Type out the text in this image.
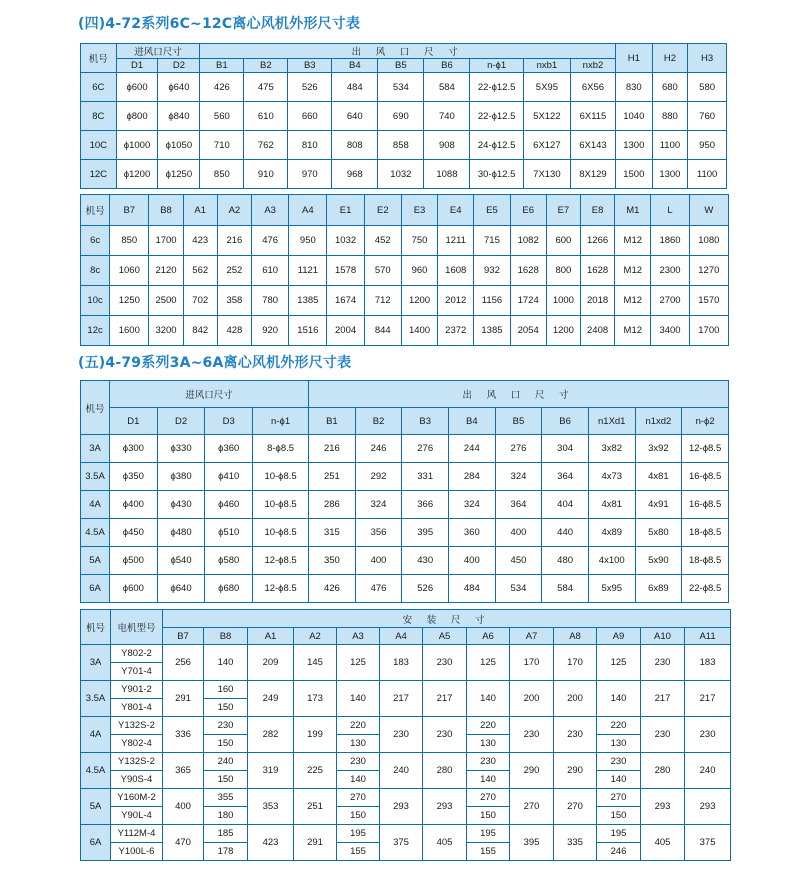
(四)4-72系列6C~12C离心风机外形尺寸表
机号	进风口尺寸		出 风 口 尺 寸									H1	H2	H3
	D1	D2	B1	B2	B3	B4	B5	B6	n-ϕ1	nxb1	nxb2			
6C	ϕ600	ϕ640	426	475	526	484	534	584	22-ϕ12.5	5X95	6X56	830	680	580
8C	ϕ800	ϕ840	560	610	660	640	690	740	22-ϕ12.5	5X122	6X115	1040	880	760
10C	ϕ1000	ϕ1050	710	762	810	808	858	908	24-ϕ12.5	6X127	6X143	1300	1100	950
12C	ϕ1200	ϕ1250	850	910	970	968	1032	1088	30-ϕ12.5	7X130	8X129	1500	1300	1100
机号	B7	B8	A1	A2	A3	A4	E1	E2	E3	E4	E5	E6	E7	E8	M1	L	W
6c	850	1700	423	216	476	950	1032	452	750	1211	715	1082	600	1266	M12	1860	1080
8c	1060	2120	562	252	610	1121	1578	570	960	1608	932	1628	800	1628	M12	2300	1270
10c	1250	2500	702	358	780	1385	1674	712	1200	2012	1156	1724	1000	2018	M12	2700	1570
12c	1600	3200	842	428	920	1516	2004	844	1400	2372	1385	2054	1200	2408	M12	3400	1700
(五)4-79系列3A~6A离心风机外形尺寸表
机号	进风口尺寸				出 风 口 尺 寸								
	D1	D2	D3	n-ϕ1	B1	B2	B3	B4	B5	B6	n1Xd1	n1xd2	n-ϕ2
3A	ϕ300	ϕ330	ϕ360	8-ϕ8.5	216	246	276	244	276	304	3x82	3x92	12-ϕ8.5
3.5A	ϕ350	ϕ380	ϕ410	10-ϕ8.5	251	292	331	284	324	364	4x73	4x81	16-ϕ8.5
4A	ϕ400	ϕ430	ϕ460	10-ϕ8.5	286	324	366	324	364	404	4x81	4x91	16-ϕ8.5
4.5A	ϕ450	ϕ480	ϕ510	10-ϕ8.5	315	356	395	360	400	440	4x89	5x80	18-ϕ8.5
5A	ϕ500	ϕ540	ϕ580	12-ϕ8.5	350	400	430	400	450	480	4x100	5x90	18-ϕ8.5
6A	ϕ600	ϕ640	ϕ680	12-ϕ8.5	426	476	526	484	534	584	5x95	6x89	22-ϕ8.5
机号	电机型号	安 装 尺 寸												
		B7	B8	A1	A2	A3	A4	A5	A6	A7	A8	A9	A10	A11
3A	Y802-2	256	140	209	145	125	183	230	125	170	170	125	230	183
	Y701-4													
3.5A	Y901-2	291	160	249	173	140	217	217	140	200	200	140	217	217
	Y801-4		150											
4A	Y132S-2	336	230	282	199	220	230	230	220	230	230	220	230	230
	Y802-4		150			130			130			130		
4.5A	Y132S-2	365	240	319	225	230	240	280	230	290	290	230	280	240
	Y90S-4		150			140			140			140		
5A	Y160M-2	400	355	353	251	270	293	293	270	270	270	270	293	293
	Y90L-4		180			150			150			150		
6A	Y112M-4	470	185	423	291	195	375	405	195	395	335	195	405	375
	Y100L-6		178			155			155			246		
